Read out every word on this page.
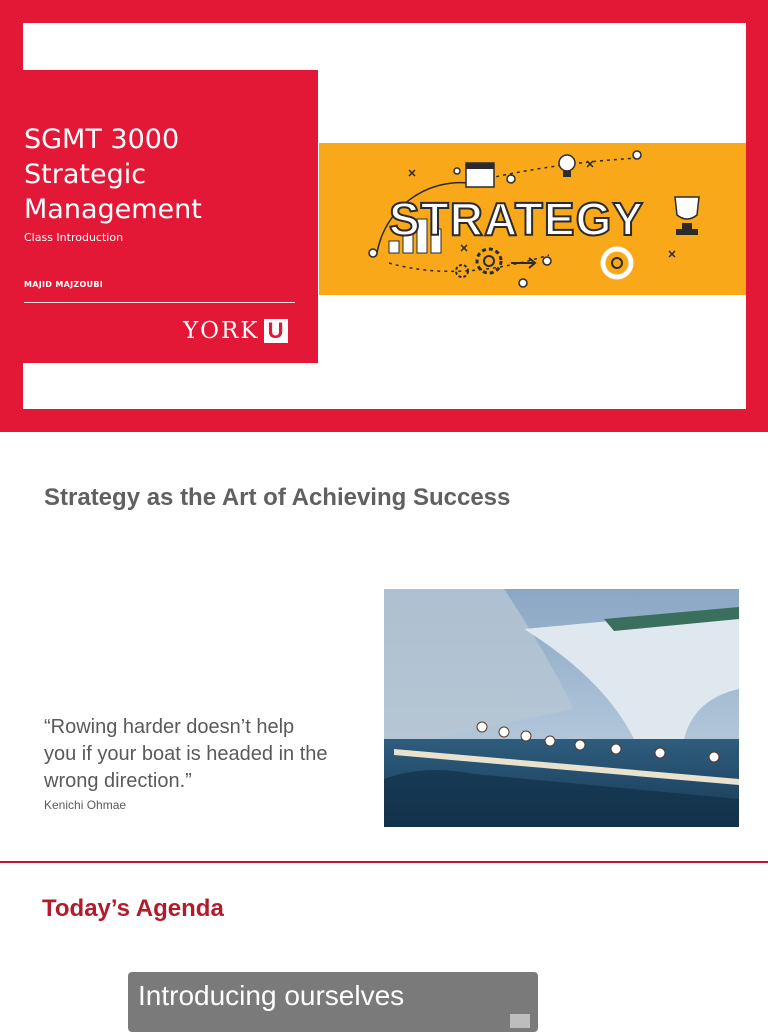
SGMT 3000
Strategic
Management
Class Introduction
MAJID MAJZOUBI
YORK U
STRATEGY
Strategy as the Art of Achieving Success

“Rowing harder doesn’t help
you if your boat is headed in the
wrong direction.”

Kenichi Ohmae
Today’s Agenda
Introducing ourselves
